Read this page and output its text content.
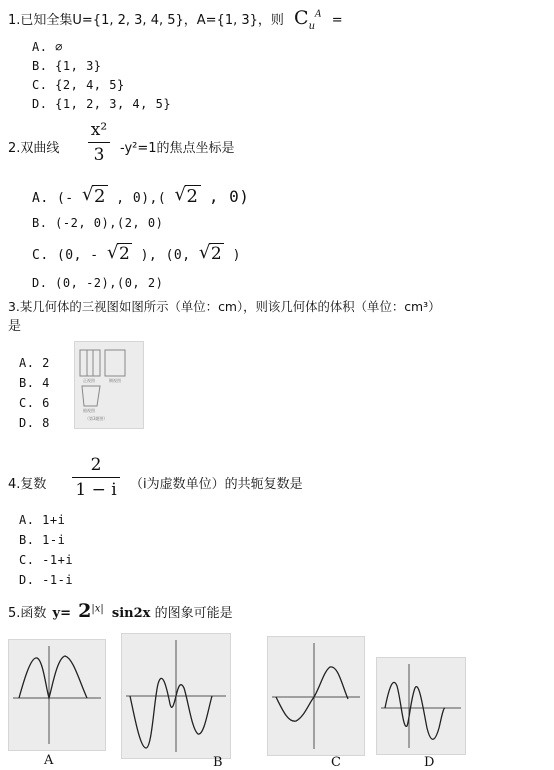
1.已知全集U={1, 2, 3, 4, 5}，A={1, 3}，则 $C_u^A$ =
A. ∅
B. {1, 3}
C. {2, 4, 5}
D. {1, 2, 3, 4, 5}
2.双曲线
x²
3	-y²=1的焦点坐标是
A. (- √ 2 , 0),( √ 2 , 0)
B. (-2, 0),(2, 0)
C. (0, - √ 2 ), (0, √ 2 )
D. (0, -2),(0, 2)
3.某几何体的三视图如图所示（单位：cm），则该几何体的体积（单位：cm³）
是
A. 2
B. 4
C. 6
D. 8
正视图	侧视图
俯视图
（第3题图）
4.复数
2
1 − i （i为虚数单位）的共轭复数是
A. 1+i
B. 1-i
C. -1+i
D. -1-i
5.函数 $y= 2^{|x|}$ sin2x 的图象可能是
A	B	C	D
